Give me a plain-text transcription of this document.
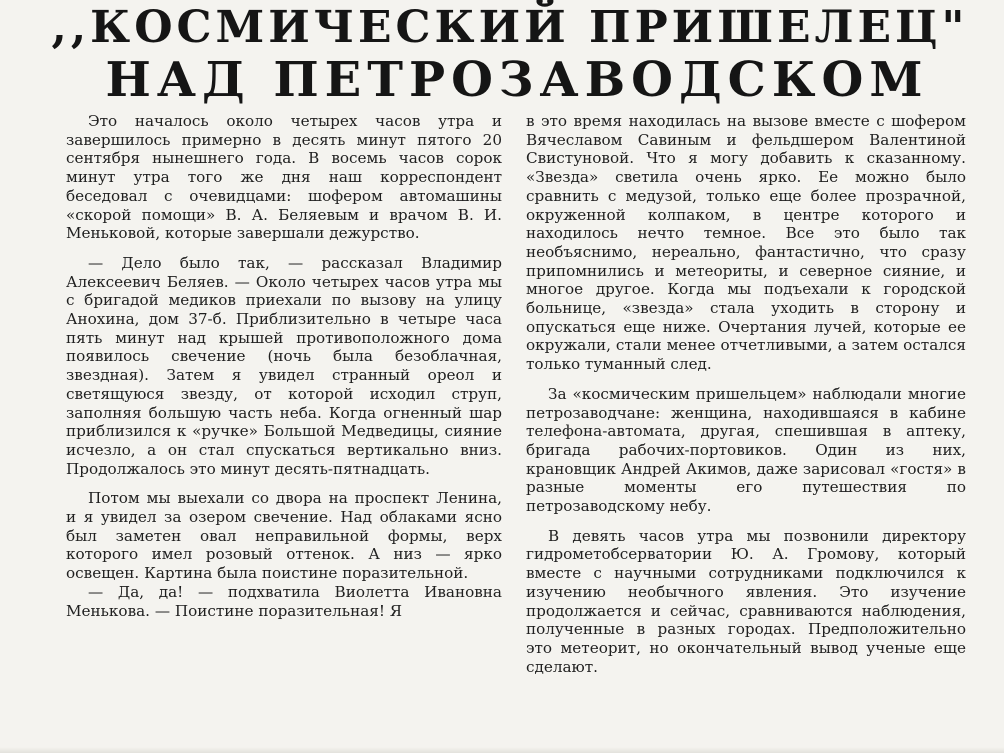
,,КОСМИЧЕСКИЙ ПРИШЕЛЕЦ"
НАД ПЕТРОЗАВОДСКОМ

Это началось около четырех часов утра и завершилось примерно в десять минут пятого 20 сентября нынешнего года. В восемь часов сорок минут утра того же дня наш корреспондент беседовал с очевидцами: шофером автомашины «скорой помощи» В. А. Беляевым и врачом В. И. Меньковой, которые завершали дежурство.

— Дело было так, — рассказал Владимир Алексеевич Беляев. — Около четырех часов утра мы с бригадой медиков приехали по вызову на улицу Анохина, дом 37-б. Приблизительно в четыре часа пять минут над крышей противоположного дома появилось свечение (ночь была безоблачная, звездная). Затем я увидел странный ореол и светящуюся звезду, от которой исходил струп, заполняя большую часть неба. Когда огненный шар приблизился к «ручке» Большой Медведицы, сияние исчезло, а он стал спускаться вертикально вниз. Продолжалось это минут десять-пятнадцать.

Потом мы выехали со двора на проспект Ленина, и я увидел за озером свечение. Над облаками ясно был заметен овал неправильной формы, верх которого имел розовый оттенок. А низ — ярко освещен. Картина была поистине поразительной.

— Да, да! — подхватила Виолетта Ивановна Менькова. — Поистине поразительная! Я

в это время находилась на вызове вместе с шофером Вячеславом Савиным и фельдшером Валентиной Свистуновой. Что я могу добавить к сказанному. «Звезда» светила очень ярко. Ее можно было сравнить с медузой, только еще более прозрачной, окруженной колпаком, в центре которого и находилось нечто темное. Все это было так необъяснимо, нереально, фантастично, что сразу припомнились и метеориты, и северное сияние, и многое другое. Когда мы подъехали к городской больнице, «звезда» стала уходить в сторону и опускаться еще ниже. Очертания лучей, которые ее окружали, стали менее отчетливыми, а затем остался только туманный след.

За «космическим пришельцем» наблюдали многие петрозаводчане: женщина, находившаяся в кабине телефона-автомата, другая, спешившая в аптеку, бригада рабочих-портовиков. Один из них, крановщик Андрей Акимов, даже зарисовал «гостя» в разные моменты его путешествия по петрозаводскому небу.

В девять часов утра мы позвонили директору гидрометобсерватории Ю. А. Громову, который вместе с научными сотрудниками подключился к изучению необычного явления. Это изучение продолжается и сейчас, сравниваются наблюдения, полученные в разных городах. Предположительно это метеорит, но окончательный вывод ученые еще сделают.
